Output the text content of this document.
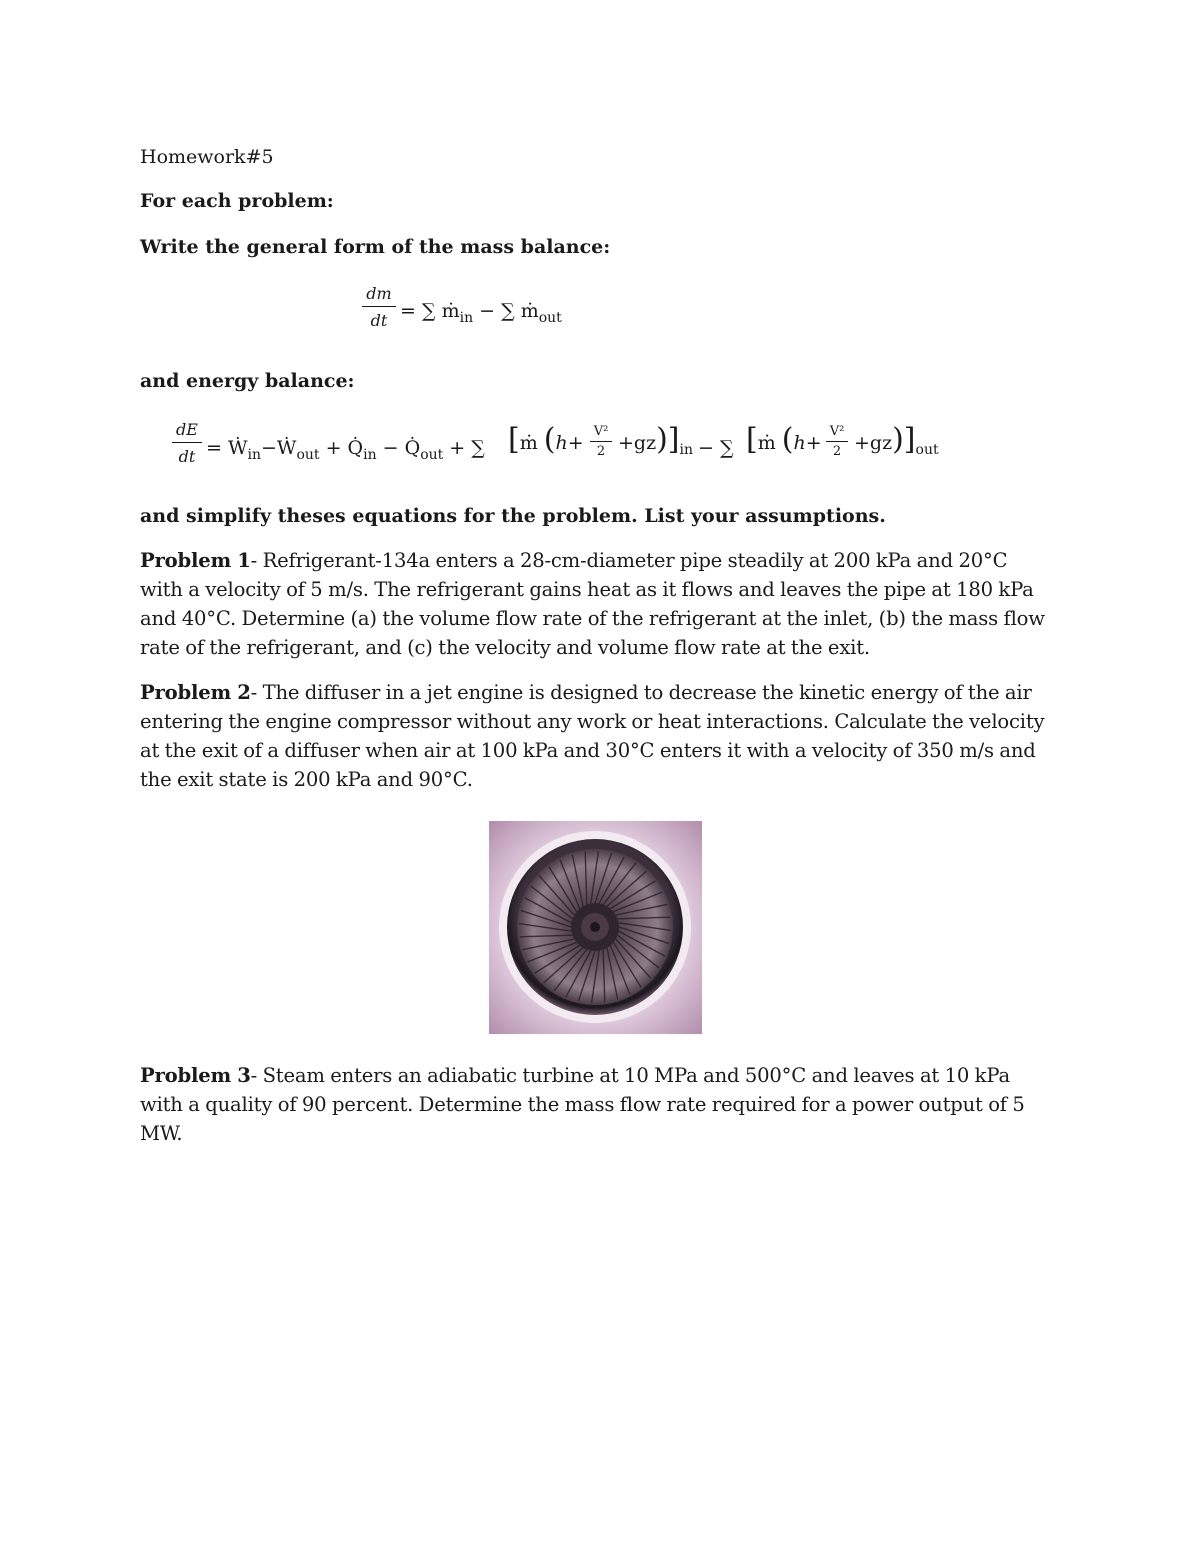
Homework#5
For each problem:
Write the general form of the mass balance:
dm
dt = ∑ ṁ$_{in}$ − ∑ ṁ$_{out}$
and energy balance:
dE
dt = Ẇ$_{in}$−Ẇ$_{out}$ + $Q̇_{in}$ − $Q̇_{out}$ + ∑ [ṁ (h+
V²
$2 +gz)]_{in}$ − ∑ [ṁ (h+
V²
$2 +gz)]_{out}$
and simplify theses equations for the problem. List your assumptions.
Problem 1- Refrigerant-134a enters a 28-cm-diameter pipe steadily at 200 kPa and 20°C with a velocity of 5 m/s. The refrigerant gains heat as it flows and leaves the pipe at 180 kPa and 40°C. Determine (a) the volume flow rate of the refrigerant at the inlet, (b) the mass flow rate of the refrigerant, and (c) the velocity and volume flow rate at the exit.
Problem 2- The diffuser in a jet engine is designed to decrease the kinetic energy of the air entering the engine compressor without any work or heat interactions. Calculate the velocity at the exit of a diffuser when air at 100 kPa and 30°C enters it with a velocity of 350 m/s and the exit state is 200 kPa and 90°C.
Problem 3- Steam enters an adiabatic turbine at 10 MPa and 500°C and leaves at 10 kPa with a quality of 90 percent. Determine the mass flow rate required for a power output of 5 MW.
